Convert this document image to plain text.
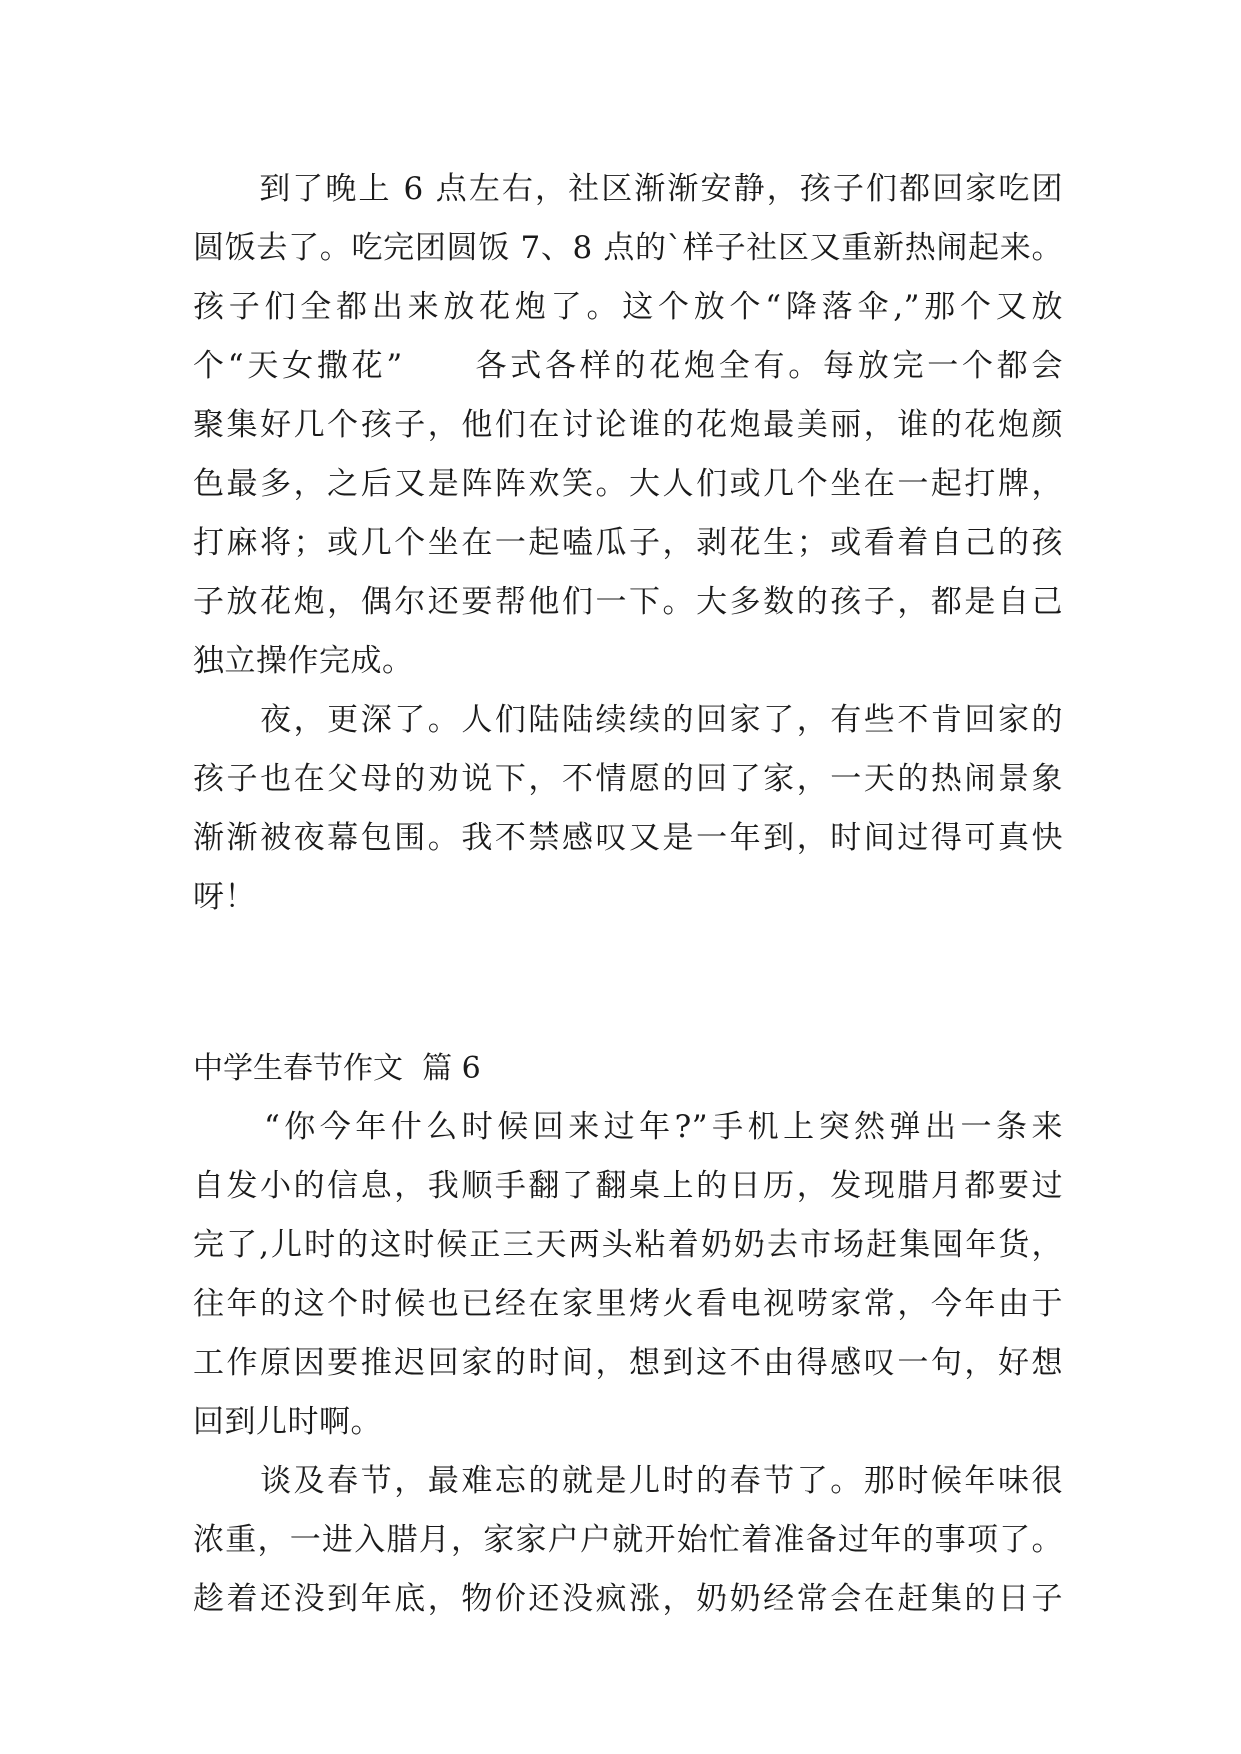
　　到了晚上 6 点左右，社区渐渐安静，孩子们都回家吃团
圆饭去了。吃完团圆饭 7、8 点的`样子社区又重新热闹起来。
孩子们全都出来放花炮了。这个放个“降落伞,”那个又放
个“天女撒花”　　各式各样的花炮全有。每放完一个都会
聚集好几个孩子，他们在讨论谁的花炮最美丽，谁的花炮颜
色最多，之后又是阵阵欢笑。大人们或几个坐在一起打牌，
打麻将；或几个坐在一起嗑瓜子，剥花生；或看着自己的孩
子放花炮，偶尔还要帮他们一下。大多数的孩子，都是自己
独立操作完成。
　　夜，更深了。人们陆陆续续的回家了，有些不肯回家的
孩子也在父母的劝说下，不情愿的回了家，一天的热闹景象
渐渐被夜幕包围。我不禁感叹又是一年到，时间过得可真快
呀！
中学生春节作文  篇 6
　　“你今年什么时候回来过年?”手机上突然弹出一条来
自发小的信息，我顺手翻了翻桌上的日历，发现腊月都要过
完了,儿时的这时候正三天两头粘着奶奶去市场赶集囤年货，
往年的这个时候也已经在家里烤火看电视唠家常，今年由于
工作原因要推迟回家的时间，想到这不由得感叹一句，好想
回到儿时啊。
　　谈及春节，最难忘的就是儿时的春节了。那时候年味很
浓重，一进入腊月，家家户户就开始忙着准备过年的事项了。
趁着还没到年底，物价还没疯涨，奶奶经常会在赶集的日子
